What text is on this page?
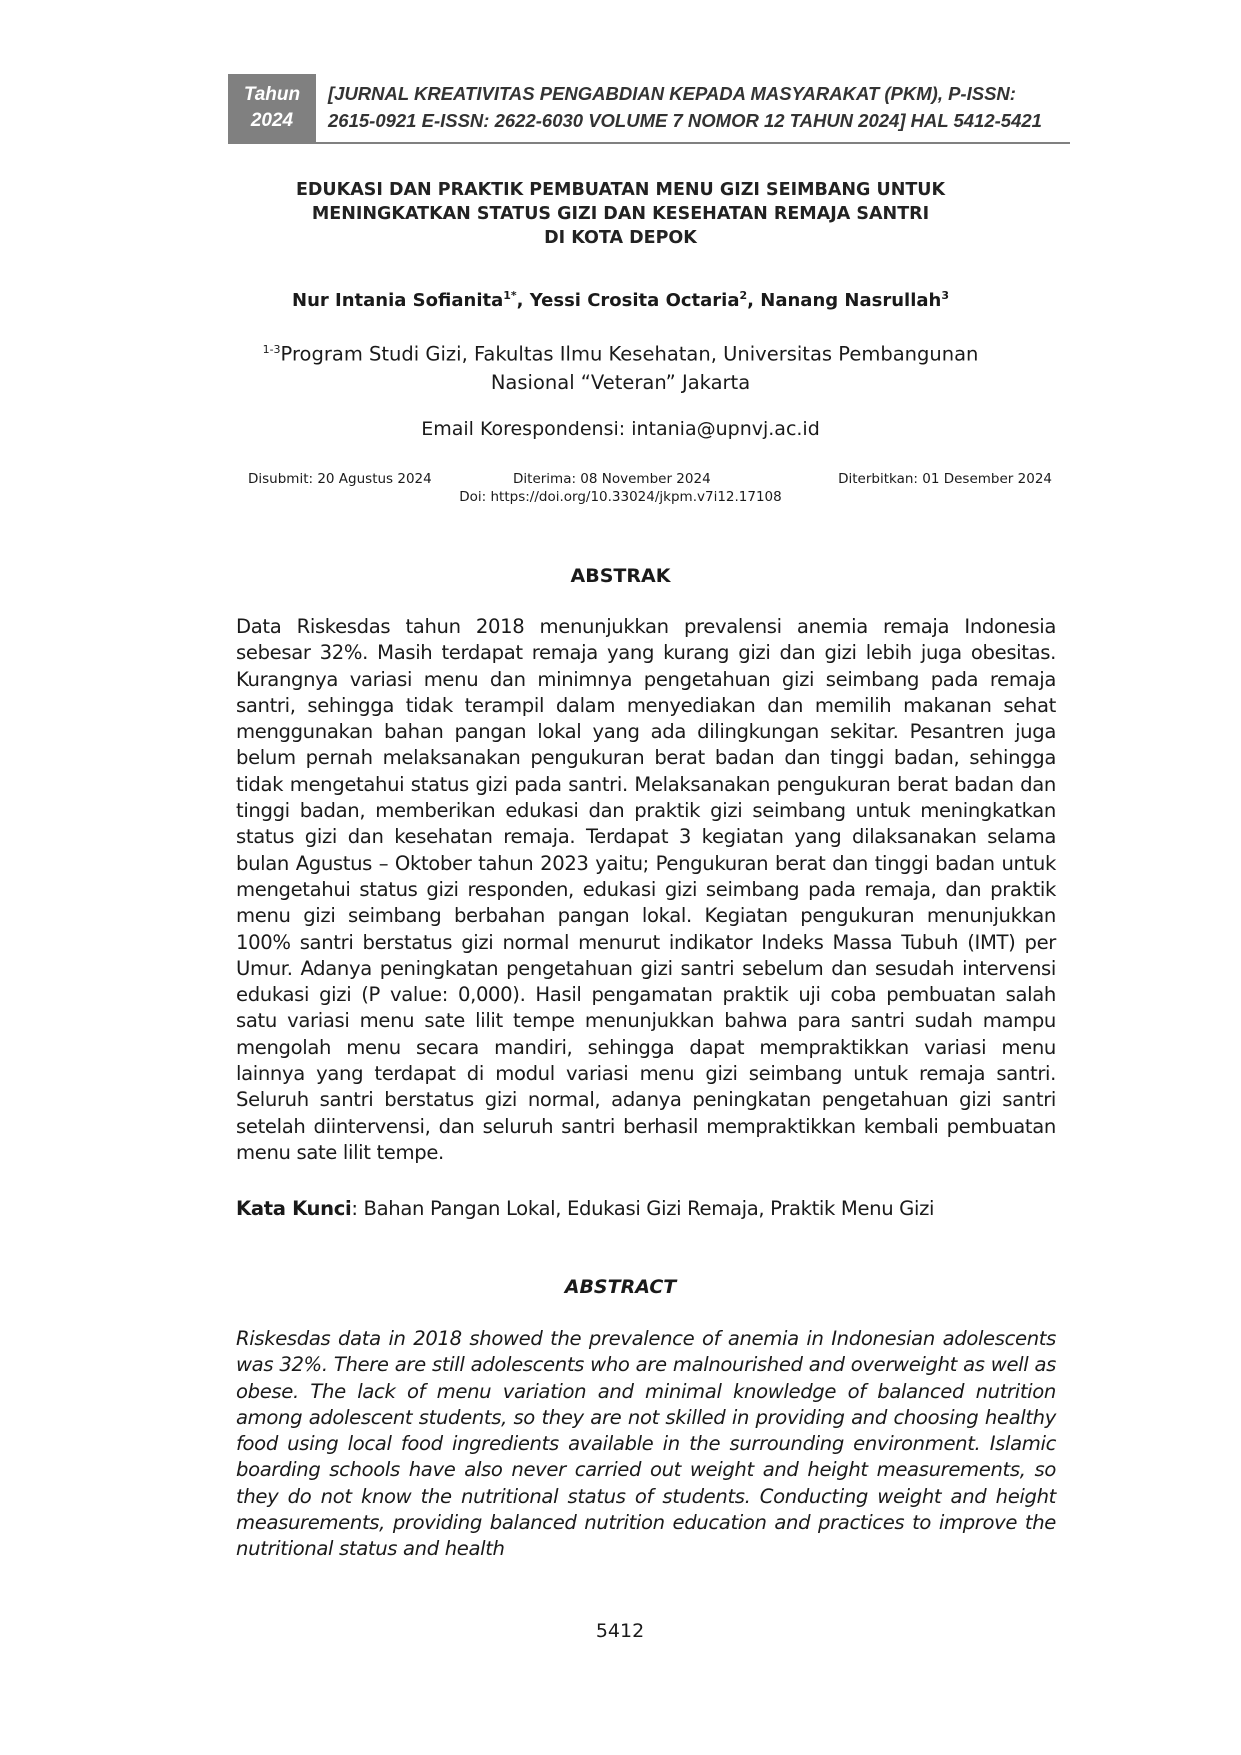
Tahun
2024
[JURNAL KREATIVITAS PENGABDIAN KEPADA MASYARAKAT (PKM), P-ISSN:
2615-0921 E-ISSN: 2622-6030 VOLUME 7 NOMOR 12 TAHUN 2024] HAL 5412-5421
EDUKASI DAN PRAKTIK PEMBUATAN MENU GIZI SEIMBANG UNTUK
MENINGKATKAN STATUS GIZI DAN KESEHATAN REMAJA SANTRI
DI KOTA DEPOK
Nur Intania Sofianita$^{1*}$, Yessi Crosita Octaria$^2$, Nanang Nasrullah$^3$
$^{1-3}$Program Studi Gizi, Fakultas Ilmu Kesehatan, Universitas Pembangunan
Nasional “Veteran” Jakarta
Email Korespondensi: intania@upnvj.ac.id
Disubmit: 20 Agustus 2024	Diterima: 08 November 2024	Diterbitkan: 01 Desember 2024
Doi: https://doi.org/10.33024/jkpm.v7i12.17108
ABSTRAK

Data Riskesdas tahun 2018 menunjukkan prevalensi anemia remaja Indonesia sebesar 32%. Masih terdapat remaja yang kurang gizi dan gizi lebih juga obesitas. Kurangnya variasi menu dan minimnya pengetahuan gizi seimbang pada remaja santri, sehingga tidak terampil dalam menyediakan dan memilih makanan sehat menggunakan bahan pangan lokal yang ada dilingkungan sekitar. Pesantren juga belum pernah melaksanakan pengukuran berat badan dan tinggi badan, sehingga tidak mengetahui status gizi pada santri. Melaksanakan pengukuran berat badan dan tinggi badan, memberikan edukasi dan praktik gizi seimbang untuk meningkatkan status gizi dan kesehatan remaja. Terdapat 3 kegiatan yang dilaksanakan selama bulan Agustus – Oktober tahun 2023 yaitu; Pengukuran berat dan tinggi badan untuk mengetahui status gizi responden, edukasi gizi seimbang pada remaja, dan praktik menu gizi seimbang berbahan pangan lokal. Kegiatan pengukuran menunjukkan 100% santri berstatus gizi normal menurut indikator Indeks Massa Tubuh (IMT) per Umur. Adanya peningkatan pengetahuan gizi santri sebelum dan sesudah intervensi edukasi gizi (P value: 0,000). Hasil pengamatan praktik uji coba pembuatan salah satu variasi menu sate lilit tempe menunjukkan bahwa para santri sudah mampu mengolah menu secara mandiri, sehingga dapat mempraktikkan variasi menu lainnya yang terdapat di modul variasi menu gizi seimbang untuk remaja santri. Seluruh santri berstatus gizi normal, adanya peningkatan pengetahuan gizi santri setelah diintervensi, dan seluruh santri berhasil mempraktikkan kembali pembuatan menu sate lilit tempe.

Kata Kunci: Bahan Pangan Lokal, Edukasi Gizi Remaja, Praktik Menu Gizi
ABSTRACT

Riskesdas data in 2018 showed the prevalence of anemia in Indonesian adolescents was 32%. There are still adolescents who are malnourished and overweight as well as obese. The lack of menu variation and minimal knowledge of balanced nutrition among adolescent students, so they are not skilled in providing and choosing healthy food using local food ingredients available in the surrounding environment. Islamic boarding schools have also never carried out weight and height measurements, so they do not know the nutritional status of students. Conducting weight and height measurements, providing balanced nutrition education and practices to improve the nutritional status and health

5412
